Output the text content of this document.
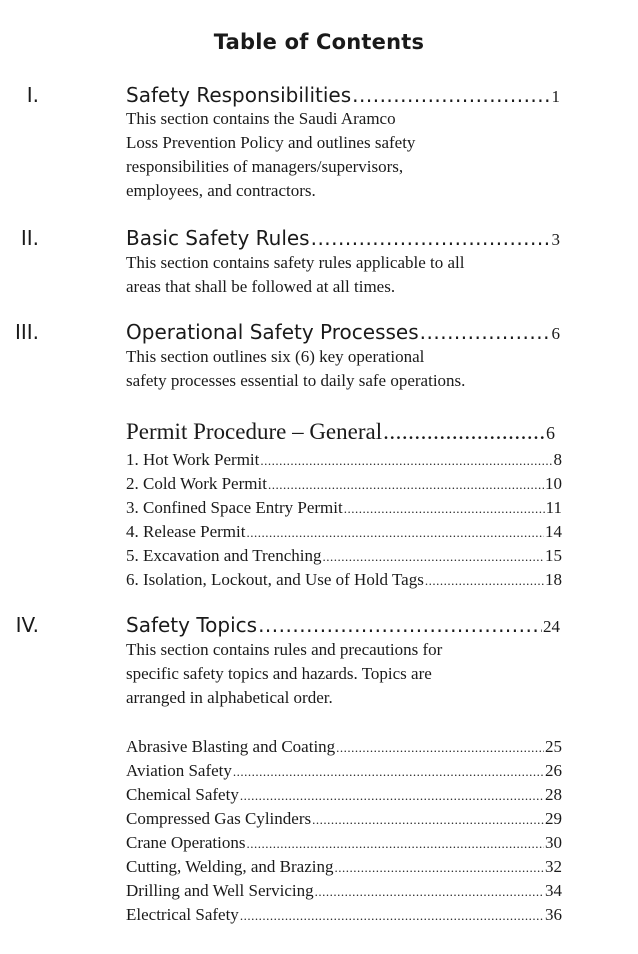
Table of Contents
I.	Safety Responsibilities .....	1
This section contains the Saudi Aramco
Loss Prevention Policy and outlines safety
responsibilities of managers/supervisors,
employees, and contractors.
II.	Basic Safety Rules .....	3
This section contains safety rules applicable to all
areas that shall be followed at all times.
III.	Operational Safety Processes .....	6
This section outlines six (6) key operational
safety processes essential to daily safe operations.
Permit Procedure – General .....	6
1. Hot Work Permit .....	8
2. Cold Work Permit .....	10
3. Confined Space Entry Permit .....	11
4. Release Permit .....	14
5. Excavation and Trenching .....	15
6. Isolation, Lockout, and Use of Hold Tags .....	18
IV.	Safety Topics .....	24
This section contains rules and precautions for
specific safety topics and hazards. Topics are
arranged in alphabetical order.
Abrasive Blasting and Coating .....	25
Aviation Safety .....	26
Chemical Safety .....	28
Compressed Gas Cylinders .....	29
Crane Operations .....	30
Cutting, Welding, and Brazing .....	32
Drilling and Well Servicing .....	34
Electrical Safety .....	36
